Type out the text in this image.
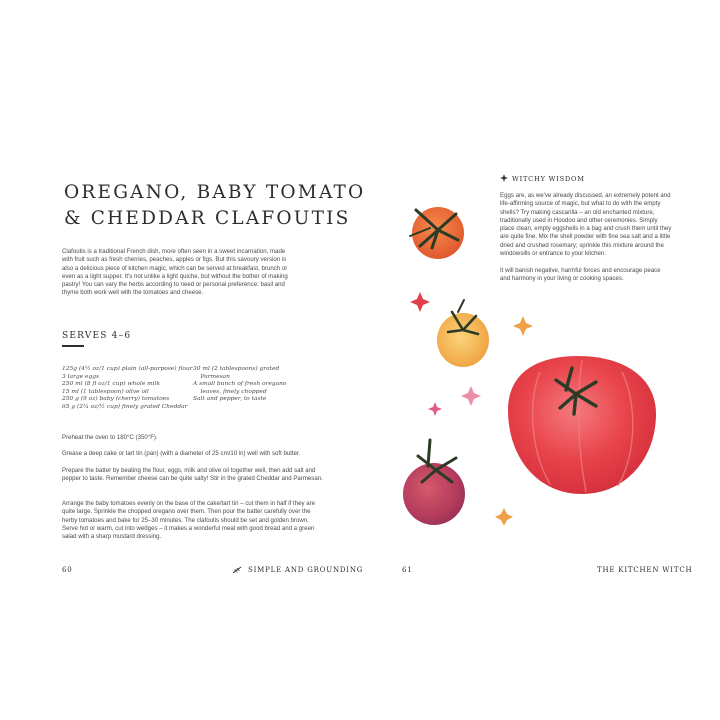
OREGANO, BABY TOMATO
& CHEDDAR CLAFOUTIS

Clafoutis is a traditional French dish, more often seen in a sweet incarnation, made with fruit such as fresh cherries, peaches, apples or figs. But this savoury version is also a delicious piece of kitchen magic, which can be served at breakfast, brunch or even as a light supper. It's not unlike a light quiche, but without the bother of making pastry! You can vary the herbs according to need or personal preference: basil and thyme both work well with the tomatoes and cheese.

SERVES 4–6
125g (4½ oz/1 cup) plain (all-purpose) flour
3 large eggs
250 ml (8 fl oz/1 cup) whole milk
15 ml (1 tablespoon) olive oil
250 g (9 oz) baby (cherry) tomatoes
65 g (2¼ oz/½ cup) finely grated Cheddar
30 ml (2 tablespoons) grated
Parmesan
A small bunch of fresh oregano
leaves, finely chopped
Salt and pepper, to taste

Preheat the oven to 180°C (350°F).

Grease a deep cake or tart tin (pan) (with a diameter of 25 cm/10 in) well with soft butter.

Prepare the batter by beating the flour, eggs, milk and olive oil together well, then add salt and pepper to taste. Remember cheese can be quite salty! Stir in the grated Cheddar and Parmesan.

Arrange the baby tomatoes evenly on the base of the cake/tart tin – cut them in half if they are quite large. Sprinkle the chopped oregano over them. Then pour the batter carefully over the herby tomatoes and bake for 25–30 minutes. The clafoutis should be set and golden brown. Serve hot or warm, cut into wedges – it makes a wonderful meal with good bread and a green salad with a sharp mustard dressing.

60	SIMPLE AND GROUNDING
WITCHY WISDOM

Eggs are, as we've already discussed, an extremely potent and life-affirming source of magic, but what to do with the empty shells? Try making cascarilla – an old enchanted mixture, traditionally used in Hoodoo and other ceremonies. Simply place clean, empty eggshells in a bag and crush them until they are quite fine. Mix the shell powder with fine sea salt and a little dried and crushed rosemary; sprinkle this mixture around the windowsills or entrance to your kitchen.

It will banish negative, harmful forces and encourage peace and harmony in your living or cooking spaces.

61	THE KITCHEN WITCH
